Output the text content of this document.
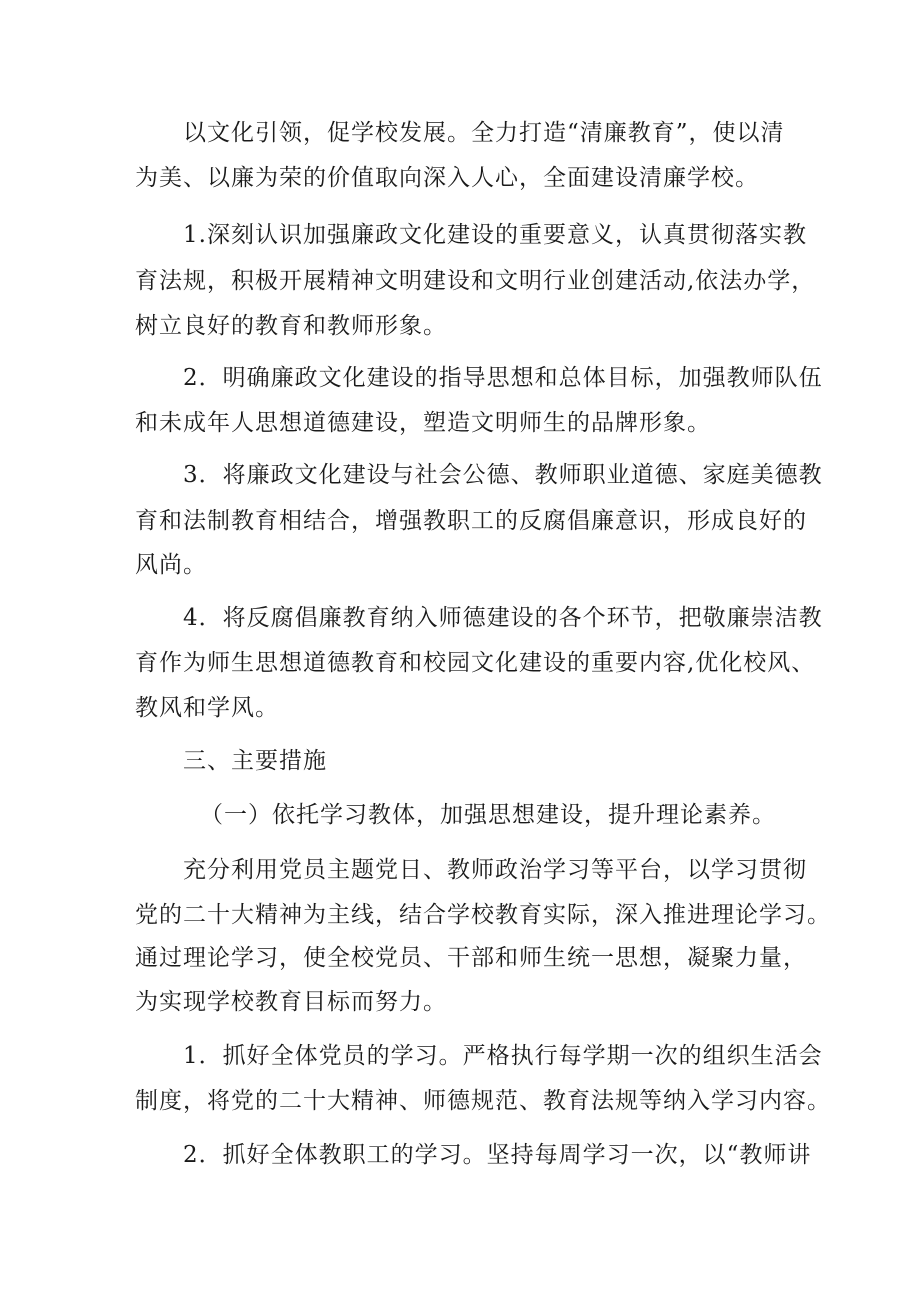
以文化引领，促学校发展。全力打造“清廉教育”，使以清
为美、以廉为荣的价值取向深入人心，全面建设清廉学校。
1.深刻认识加强廉政文化建设的重要意义，认真贯彻落实教
育法规，积极开展精神文明建设和文明行业创建活动,依法办学，
树立良好的教育和教师形象。
2．明确廉政文化建设的指导思想和总体目标，加强教师队伍
和未成年人思想道德建设，塑造文明师生的品牌形象。
3．将廉政文化建设与社会公德、教师职业道德、家庭美德教
育和法制教育相结合，增强教职工的反腐倡廉意识，形成良好的
风尚。
4．将反腐倡廉教育纳入师德建设的各个环节，把敬廉崇洁教
育作为师生思想道德教育和校园文化建设的重要内容,优化校风、
教风和学风。
三、主要措施
（一）依托学习教体，加强思想建设，提升理论素养。
充分利用党员主题党日、教师政治学习等平台，以学习贯彻
党的二十大精神为主线，结合学校教育实际，深入推进理论学习。
通过理论学习，使全校党员、干部和师生统一思想，凝聚力量，
为实现学校教育目标而努力。
1．抓好全体党员的学习。严格执行每学期一次的组织生活会
制度，将党的二十大精神、师德规范、教育法规等纳入学习内容。
2．抓好全体教职工的学习。坚持每周学习一次，以“教师讲
